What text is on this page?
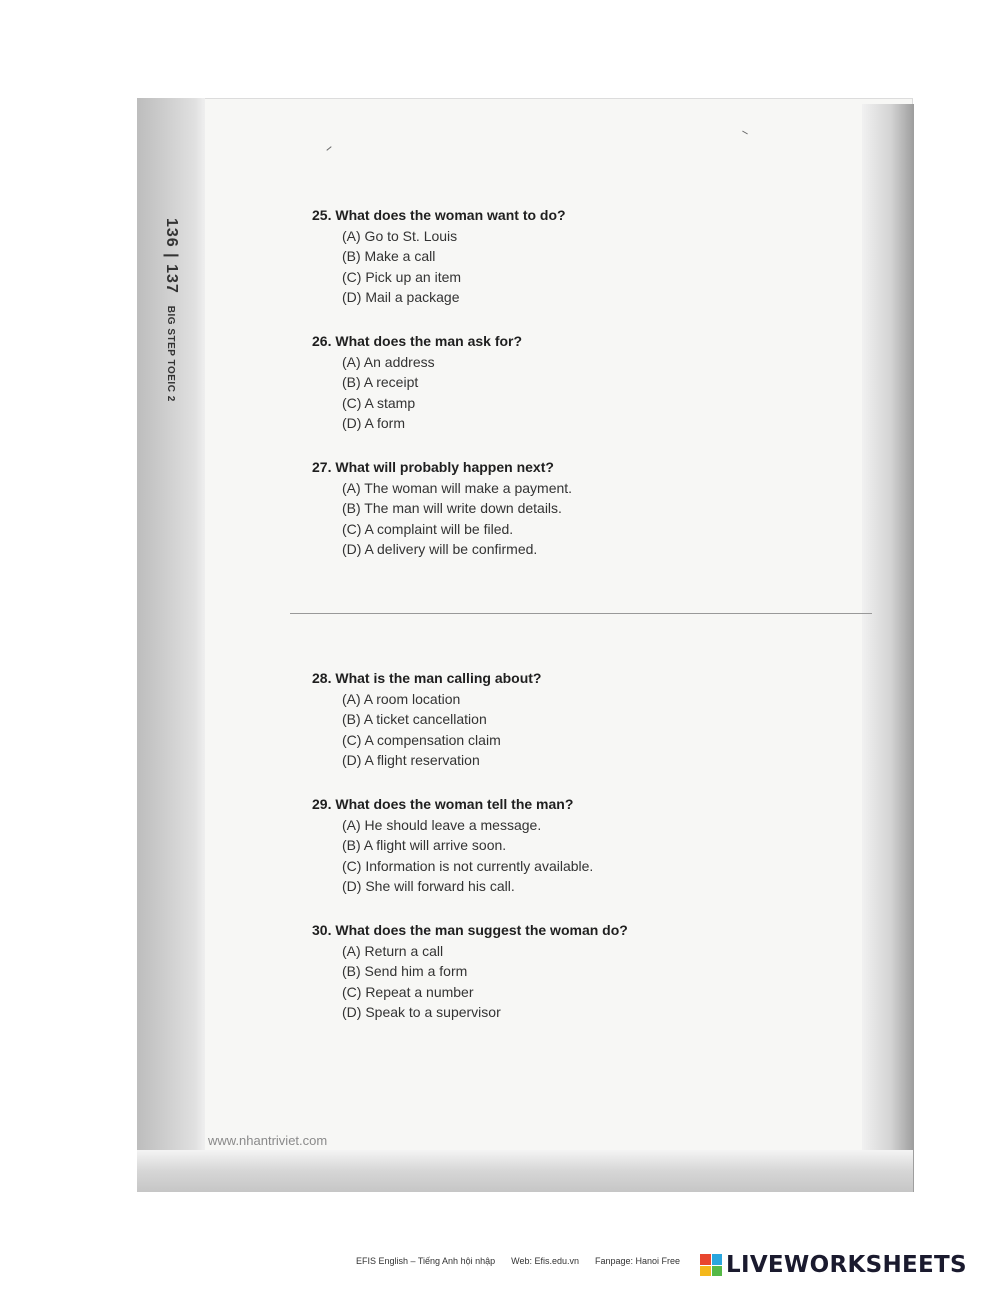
136 | 137
BIG STEP TOEIC 2
25. What does the woman want to do?
(A) Go to St. Louis
(B) Make a call
(C) Pick up an item
(D) Mail a package
26. What does the man ask for?
(A) An address
(B) A receipt
(C) A stamp
(D) A form
27. What will probably happen next?
(A) The woman will make a payment.
(B) The man will write down details.
(C) A complaint will be filed.
(D) A delivery will be confirmed.
28. What is the man calling about?
(A) A room location
(B) A ticket cancellation
(C) A compensation claim
(D) A flight reservation
29. What does the woman tell the man?
(A) He should leave a message.
(B) A flight will arrive soon.
(C) Information is not currently available.
(D) She will forward his call.
30. What does the man suggest the woman do?
(A) Return a call
(B) Send him a form
(C) Repeat a number
(D) Speak to a supervisor
www.nhantriviet.com
EFIS English – Tiếng Anh hội nhập Web: Efis.edu.vn Fanpage: Hanoi Free LIVEWORKSHEETS
